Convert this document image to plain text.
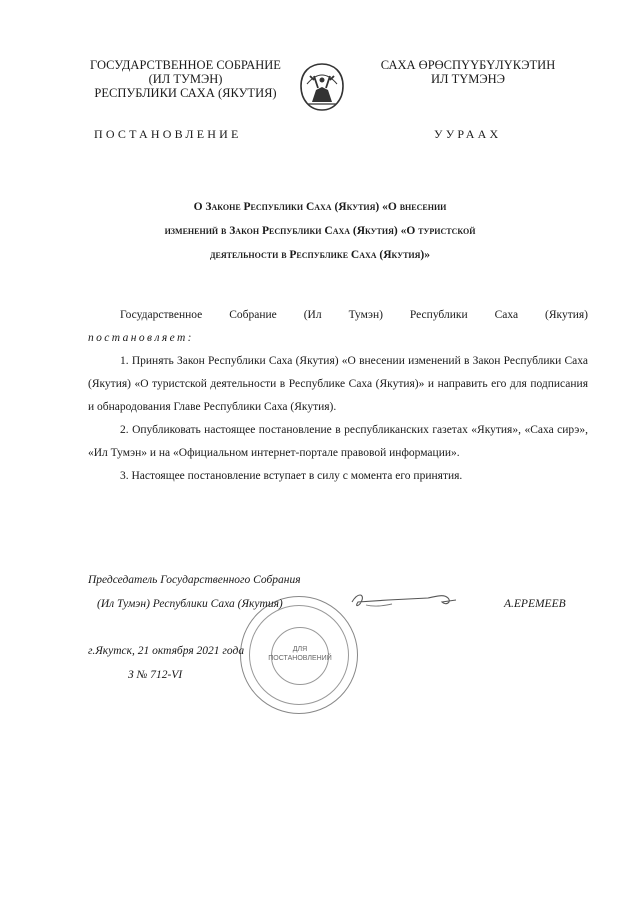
ГОСУДАРСТВЕННОЕ СОБРАНИЕ
(ИЛ ТУМЭН)
РЕСПУБЛИКИ САХА (ЯКУТИЯ)
САХА ӨРӨСПҮҮБҮЛҮКЭТИН
ИЛ ТҮМЭНЭ
ПОСТАНОВЛЕНИЕ	УУРААХ
О Законе Республики Саха (Якутия) «О внесении
изменений в Закон Республики Саха (Якутия) «О туристской
деятельности в Республике Саха (Якутия)»
Государственное Собрание (Ил Тумэн) Республики Саха (Якутия)
постановляет:
1. Принять Закон Республики Саха (Якутия) «О внесении изменений в Закон Республики Саха (Якутия) «О туристской деятельности в Республике Саха (Якутия)» и направить его для подписания и обнародования Главе Республики Саха (Якутия).
2. Опубликовать настоящее постановление в республиканских газетах «Якутия», «Саха сирэ», «Ил Тумэн» и на «Официальном интернет-портале правовой информации».
3. Настоящее постановление вступает в силу с момента его принятия.
ДЛЯ ПОСТАНОВЛЕНИЙ
Председатель Государственного Собрания
(Ил Тумэн) Республики Саха (Якутия)	А.ЕРЕМЕЕВ
г.Якутск, 21 октября 2021 года
З № 712-VI
